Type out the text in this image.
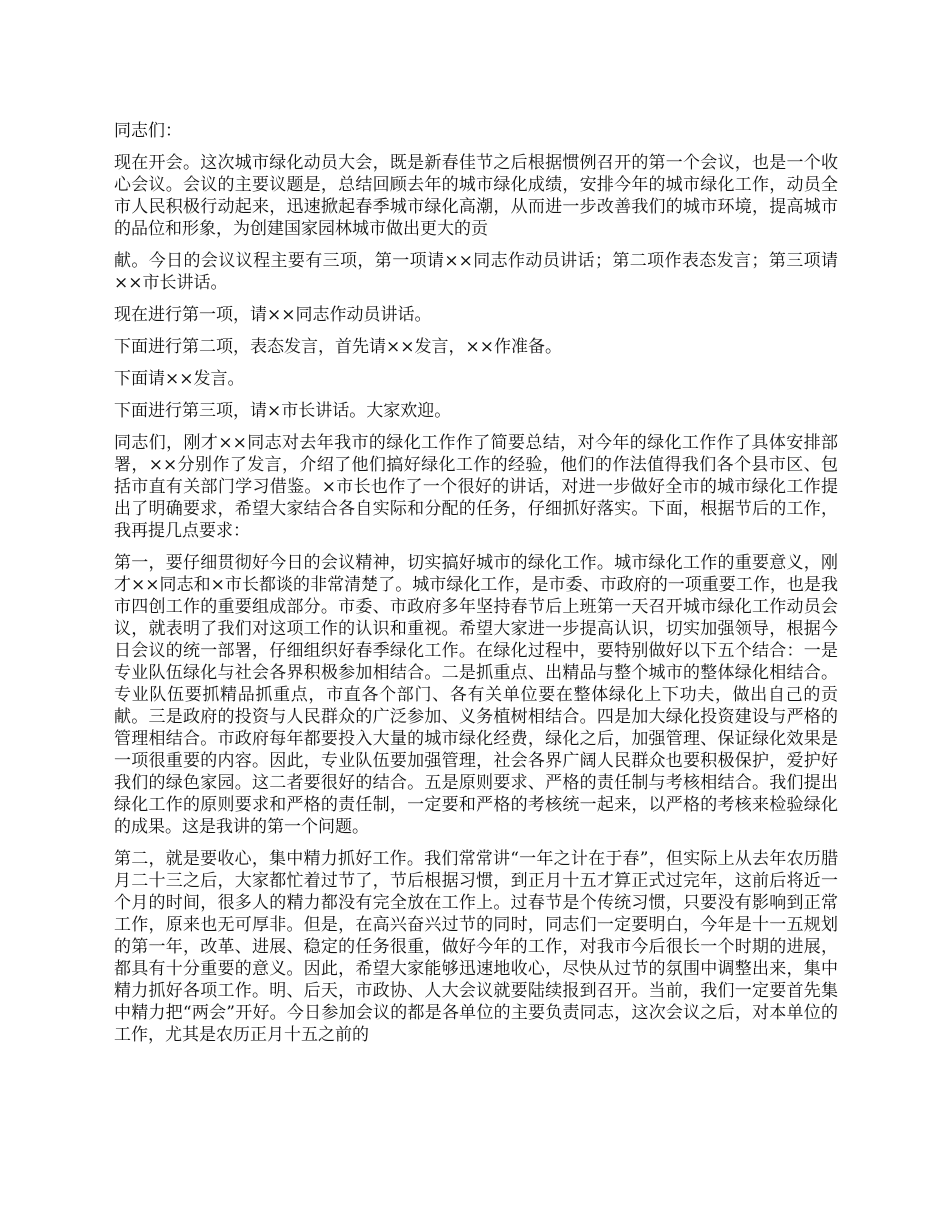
同志们：

现在开会。这次城市绿化动员大会，既是新春佳节之后根据惯例召开的第一个会议，也是一个收心会议。会议的主要议题是，总结回顾去年的城市绿化成绩，安排今年的城市绿化工作，动员全市人民积极行动起来，迅速掀起春季城市绿化高潮，从而进一步改善我们的城市环境，提高城市的品位和形象，为创建国家园林城市做出更大的贡

献。今日的会议议程主要有三项，第一项请××同志作动员讲话；第二项作表态发言；第三项请××市长讲话。

现在进行第一项，请××同志作动员讲话。

下面进行第二项，表态发言，首先请××发言，××作准备。

下面请××发言。

下面进行第三项，请×市长讲话。大家欢迎。

同志们，刚才××同志对去年我市的绿化工作作了简要总结，对今年的绿化工作作了具体安排部署，××分别作了发言，介绍了他们搞好绿化工作的经验，他们的作法值得我们各个县市区、包括市直有关部门学习借鉴。×市长也作了一个很好的讲话，对进一步做好全市的城市绿化工作提出了明确要求，希望大家结合各自实际和分配的任务，仔细抓好落实。下面，根据节后的工作，我再提几点要求：

第一，要仔细贯彻好今日的会议精神，切实搞好城市的绿化工作。城市绿化工作的重要意义，刚才××同志和×市长都谈的非常清楚了。城市绿化工作，是市委、市政府的一项重要工作，也是我市四创工作的重要组成部分。市委、市政府多年坚持春节后上班第一天召开城市绿化工作动员会议，就表明了我们对这项工作的认识和重视。希望大家进一步提高认识，切实加强领导，根据今日会议的统一部署，仔细组织好春季绿化工作。在绿化过程中，要特别做好以下五个结合：一是专业队伍绿化与社会各界积极参加相结合。二是抓重点、出精品与整个城市的整体绿化相结合。专业队伍要抓精品抓重点，市直各个部门、各有关单位要在整体绿化上下功夫，做出自己的贡献。三是政府的投资与人民群众的广泛参加、义务植树相结合。四是加大绿化投资建设与严格的管理相结合。市政府每年都要投入大量的城市绿化经费，绿化之后，加强管理、保证绿化效果是一项很重要的内容。因此，专业队伍要加强管理，社会各界广阔人民群众也要积极保护，爱护好我们的绿色家园。这二者要很好的结合。五是原则要求、严格的责任制与考核相结合。我们提出绿化工作的原则要求和严格的责任制，一定要和严格的考核统一起来，以严格的考核来检验绿化的成果。这是我讲的第一个问题。

第二，就是要收心，集中精力抓好工作。我们常常讲“一年之计在于春”，但实际上从去年农历腊月二十三之后，大家都忙着过节了，节后根据习惯，到正月十五才算正式过完年，这前后将近一个月的时间，很多人的精力都没有完全放在工作上。过春节是个传统习惯，只要没有影响到正常工作，原来也无可厚非。但是，在高兴奋兴过节的同时，同志们一定要明白，今年是十一五规划的第一年，改革、进展、稳定的任务很重，做好今年的工作，对我市今后很长一个时期的进展，都具有十分重要的意义。因此，希望大家能够迅速地收心，尽快从过节的氛围中调整出来，集中精力抓好各项工作。明、后天，市政协、人大会议就要陆续报到召开。当前，我们一定要首先集中精力把“两会”开好。今日参加会议的都是各单位的主要负责同志，这次会议之后，对本单位的工作，尤其是农历正月十五之前的
